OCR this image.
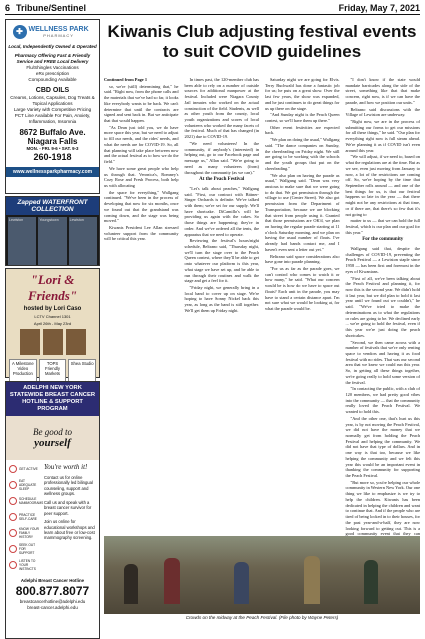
6 Tribune/Sentinel	Friday, May 7, 2021
✚ WELLNESS PARK
PHARMACY
Local, Independently Owned & Operated
Pharmacy Offering Fast & Friendly Service and FREE Local Delivery
Flu/Shingles Vaccinations
eRx prescription
Compounding Available
CBD OILS
Creams, Lotions, Capsules, Dog Treats & Topical Applications
Large Variety with Competitive Pricing
PCT Line Available For Pain, Anxiety, Inflammation, Insomnia
8672 Buffalo Ave. Niagara Falls
MON. - FRI. 9-6 • SAT. 9-3
260-1918
www.wellnessparkpharmacy.com
Zapped WATERFRONT COLLECTION
Lewiston	Youngstown	Lewiston
"Lori & Friends"
hosted by Lori Caso
LCTV Channel 1301
April 26th - May 23rd
A Milestone Video Production
TOPS Friendly Markets
Shea Studio
ADELPHI NEW YORK STATEWIDE BREAST CANCER HOTLINE & SUPPORT PROGRAM
Be good to
yourself
GET ACTIVE
EAT ADEQUATE SLEEP
SCHEDULE MAMMOGRAMS
PRACTICE SELF-CARE
KNOW YOUR FAMILY HISTORY
SEEK OUT FOR SUPPORT
LISTEN TO YOUR INSTINCTS

You're worth it!

Contact us for online professionally led bilingual counseling, support and wellness groups.

Call us and speak with a breast cancer survivor for peer support.

Join us online for educational workshops and learn about free or low-cost mammography screening.

Adelphi Breast Cancer Hotline
800.877.8077
breastcancerhotline@adelphi.edu
breast-cancer.adelphi.edu
Kiwanis Club adjusting festival events to suit COVID guidelines

Continued from Page 1

so, we're (still) determining that," he said. "Right now, from the phone calls and the materials that we've had so far, it looks like everybody wants to be back. We can't determine that until the contracts are signed and sent back in. But we anticipate that that would happen.

"As Dean just told you, we do have more space this year, but we need to adjust to fill our needs, and the rides' needs, and what the needs are for COVID-19. So, all that planning will take place between now and the actual festival as to how we do the field."

We have some great people who help us through that. Veronica's, Romney's Cozy Rose and Fresh Process, both help us with allocating

the space for everything," Wallgang continued. "We've been in the process of developing that now for six months, once we found out that the grandstand was coming down, and the stage was being moved."

Kiwanis President Lee Allan stressed volunteer support from the community will be critical this year.

In times past, the 120-member club has been able to rely on a number of outside sources for additional manpower at the festival. Included were Niagara County Jail inmates who worked on the actual construction of the field. Students, as well as other youth from the county, local youth organizations and scores of local volunteers who worked the many facets of the festival. Much of that has changed (in 2021) due to COVID-19.

"We need volunteers! In the community, if anybody's (interested) in helping out, go to our Facebook page and message us," Allan said. "We're going to need as many volunteers (from) throughout the community (as we can)."

At the Peach Festival

"Let's talk about peaches," Wallgang said. "First, our contract with Bittner-Singer Orchards is definite. We've talked with them; we're set for our supply. We'll have shortcake. DiCamillo's will be providing us again with the cakes. So those things are happening; they're in order. And we've ordered all the tents, the apparatus that we need to operate.

Reviewing the festival's hours/night schedule, Beltrano said, "Thursday night, we'll turn the stage over to the Peach Queen contest, where they'll be able to get onto whatever our platform is this year, what stage we have set up, and be able to run through their routines and walk the stage and get a feel for it.

"Friday night, we generally bring in a local band to cover up on stage. We're hoping to have Sonny Nickel back this year, as long as the band is still together. We'll get them up Friday night.

Saturday night we are going for Elvis. Terry Buchwald has done a fantastic job for us; he puts on a great show. Over the last few years, the show was expanded, and he just continues to do great things for us up there on the stage.

"And Sunday night is the Peach Queen contest, so we'll have them up there."

Other event festivities are expected back.

"We plan on doing the usual," Wallgang said. "The dance companies on Sunday, the cheerleading on Friday night. We still are going to be working with the schools and the youth groups that put on the cheerleading."

"We also plan on having the parade as usual," Wallgang said. "Dean was very anxious to make sure that we were going to do that. We got permission through the village to use (Center Street). We also got permission from the Department of Transportation, because we are blocking that street from people using it. Granted that those permissions are OK'd, we plan on having the regular parade starting at 11 o'clock Saturday morning, and we plan on having the usual number of floats. I've already had bands contact me, and I haven't even sent a letter out yet."

Beltrano said space considerations also have gone into parade planning.

"For us as far as the parade goes, we can't control who comes to watch it or how many," he said. "What our concern would be is how do we have to space out floats? Each unit in the parade, you may have to stand a certain distance apart. I'm not sure what we would be looking at, for what the parade would be.

"I don't know if the state would mandate barricades along the side of the street, something like that that make concern, right now, is if we can have the parade, and how we position our units."

Beltrano said discussions with the Village of Lewiston are underway.

"Right now, we are in the process of submitting our forms to get our missions for all these things," he said. "Our plan for everything right now is full steam ahead. We're planning it as if COVID isn't even around this year.

"We will adjust, if we need to, based on what the regulations are at the time. But as we see, even just moving from January to now, a lot of the restrictions are coming off. So, we're hoping by the time that September rolls around — and one of the best things for us, is that our festival happens so late in the year — that there might not be any restrictions at that time, or if there are, that there's so few that it's not going to

matter to us — that we can hold the full festival, which is our plan and our goal for this year."

For the community

Wallgang said that, despite the challenges of COVID-19, preventing the Peach Festival — a Lewiston staple since 1958 — has been first and foremost in the eyes of Kiwanians.

"First of all, we've been talking about the Peach Festival and planning it, for now this is the second year. We didn't hold it last year, but we did plan to hold it last year until we found out we couldn't," he said. "We've tried to make the determinations as to what the regulations or rules are going to be. We declined early ... we're going to hold the festival, even if this year we're just doing the peach shortcakes.

"Second, we then came across with a number of festivals that we're only renting space to vendors and having it as food festival with no rides. That was our second area that we knew we could run this year. So, in getting all these things together, we're going really to hold some version of the festival.

"In contacting the public, with a club of 120 members, we had pretty good vibes into the community — that the community really loved the Peach Festival. We wanted to hold this.

"And the other one, that's hurt us this year, is by not moving the Peach Festival, we did not have the money that we normally get from holding the Peach Festival and helping the community. We did not have that type of dollars. And in one way is that too, because we like helping the community and we felt this year this would be an important event in thanking the community for supporting the Peach Festival.

"But more so, you're helping our whole community in Western New York. Our one thing we like to emphasize is we try to help the children. Kiwanis has been dedicated in helping the children and want to continue that. And if the people who are tired of being locked in to their houses, for the past year-and-a-half, they are now looking forward to getting out. This is a good community event that they can

Crowds on the midway at the Peach Festival. (File photo by Wayne Peters)
